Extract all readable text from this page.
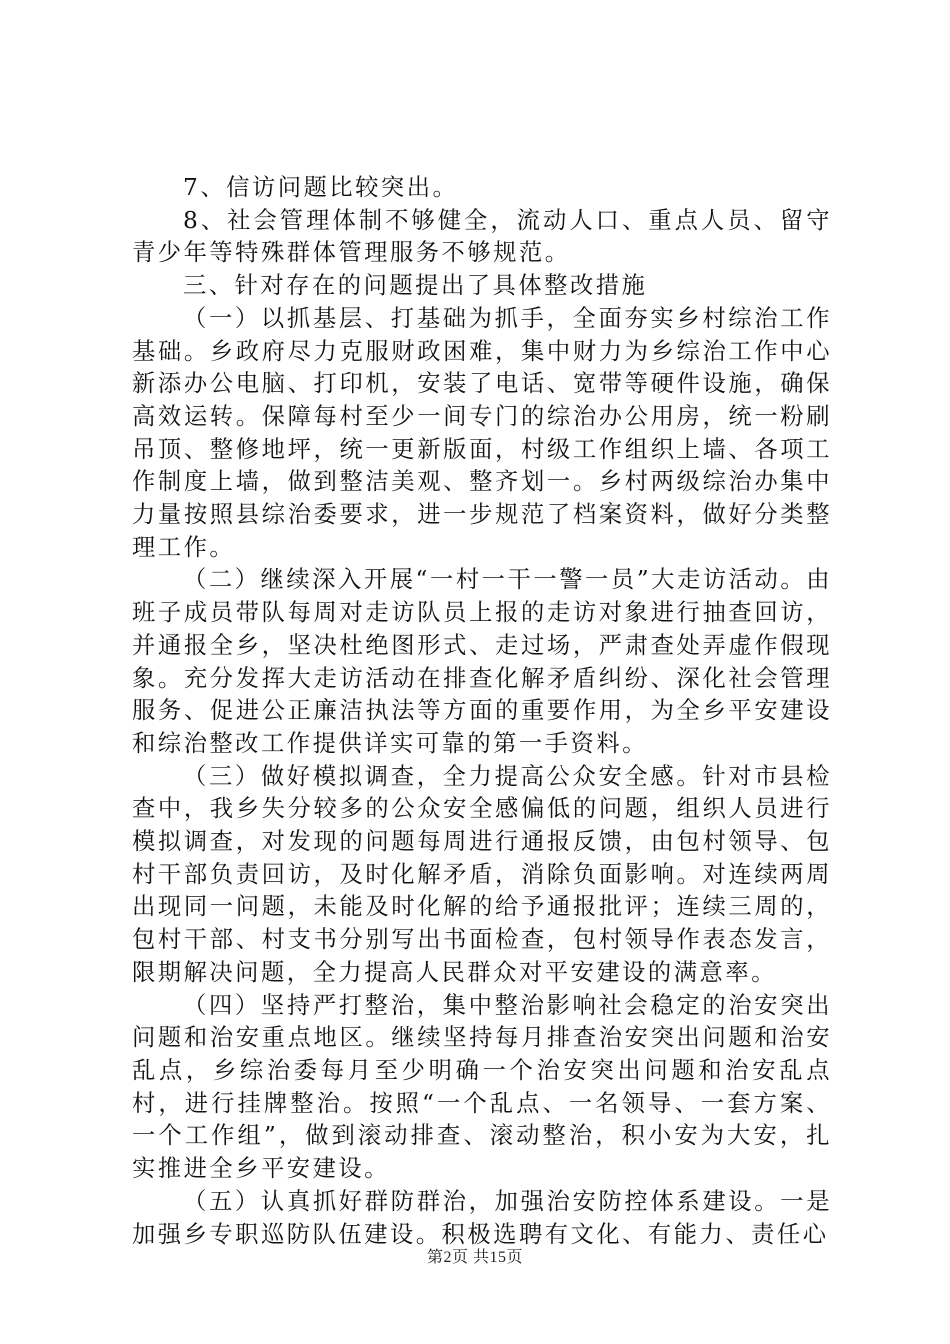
7、信访问题比较突出。

8、社会管理体制不够健全，流动人口、重点人员、留守青少年等特殊群体管理服务不够规范。

三、针对存在的问题提出了具体整改措施

（一）以抓基层、打基础为抓手，全面夯实乡村综治工作基础。乡政府尽力克服财政困难，集中财力为乡综治工作中心新添办公电脑、打印机，安装了电话、宽带等硬件设施，确保高效运转。保障每村至少一间专门的综治办公用房，统一粉刷吊顶、整修地坪，统一更新版面，村级工作组织上墙、各项工作制度上墙，做到整洁美观、整齐划一。乡村两级综治办集中力量按照县综治委要求，进一步规范了档案资料，做好分类整理工作。

（二）继续深入开展“一村一干一警一员”大走访活动。由班子成员带队每周对走访队员上报的走访对象进行抽查回访，并通报全乡，坚决杜绝图形式、走过场，严肃查处弄虚作假现象。充分发挥大走访活动在排查化解矛盾纠纷、深化社会管理服务、促进公正廉洁执法等方面的重要作用，为全乡平安建设和综治整改工作提供详实可靠的第一手资料。

（三）做好模拟调查，全力提高公众安全感。针对市县检查中，我乡失分较多的公众安全感偏低的问题，组织人员进行模拟调查，对发现的问题每周进行通报反馈，由包村领导、包村干部负责回访，及时化解矛盾，消除负面影响。对连续两周出现同一问题，未能及时化解的给予通报批评；连续三周的，包村干部、村支书分别写出书面检查，包村领导作表态发言，限期解决问题，全力提高人民群众对平安建设的满意率。

（四）坚持严打整治，集中整治影响社会稳定的治安突出问题和治安重点地区。继续坚持每月排查治安突出问题和治安乱点，乡综治委每月至少明确一个治安突出问题和治安乱点村，进行挂牌整治。按照“一个乱点、一名领导、一套方案、一个工作组”，做到滚动排查、滚动整治，积小安为大安，扎实推进全乡平安建设。

（五）认真抓好群防群治，加强治安防控体系建设。一是加强乡专职巡防队伍建设。积极选聘有文化、有能力、责任心

第2页 共15页
